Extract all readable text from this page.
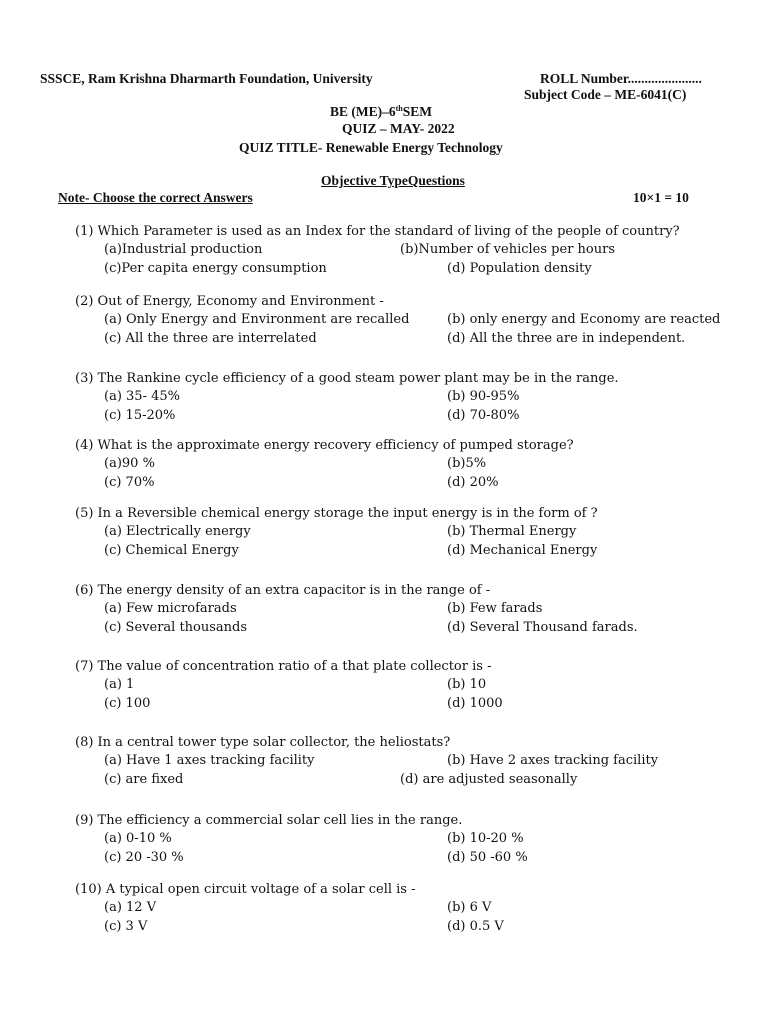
SSSCE, Ram Krishna Dharmarth Foundation, University	ROLL Number......................
Subject Code – ME-6041(C)
BE (ME)–6thSEM
QUIZ – MAY- 2022
QUIZ TITLE- Renewable Energy Technology
Objective TypeQuestions
Note- Choose the correct Answers	10×1 = 10
(1) Which Parameter is used as an Index for the standard of living of the people of country?
(a)Industrial production	(b)Number of vehicles per hours
(c)Per capita energy consumption	(d) Population density
(2) Out of Energy, Economy and Environment -
(a) Only Energy and Environment are recalled	(b) only energy and Economy are reacted
(c) All the three are interrelated	(d) All the three are in independent.
(3) The Rankine cycle efficiency of a good steam power plant may be in the range.
(a) 35- 45%	(b) 90-95%
(c) 15-20%	(d) 70-80%
(4) What is the approximate energy recovery efficiency of pumped storage?
(a)90 %	(b)5%
(c) 70%	(d) 20%
(5) In a Reversible chemical energy storage the input energy is in the form of ?
(a) Electrically energy	(b) Thermal Energy
(c) Chemical Energy	(d) Mechanical Energy
(6) The energy density of an extra capacitor is in the range of -
(a) Few microfarads	(b) Few farads
(c) Several thousands	(d) Several Thousand farads.
(7) The value of concentration ratio of a that plate collector is -
(a) 1	(b) 10
(c) 100	(d) 1000
(8) In a central tower type solar collector, the heliostats?
(a) Have 1 axes tracking facility	(b) Have 2 axes tracking facility
(c) are fixed	(d) are adjusted seasonally
(9) The efficiency a commercial solar cell lies in the range.
(a) 0-10 %	(b) 10-20 %
(c) 20 -30 %	(d) 50 -60 %
(10) A typical open circuit voltage of a solar cell is -
(a) 12 V	(b) 6 V
(c) 3 V	(d) 0.5 V
